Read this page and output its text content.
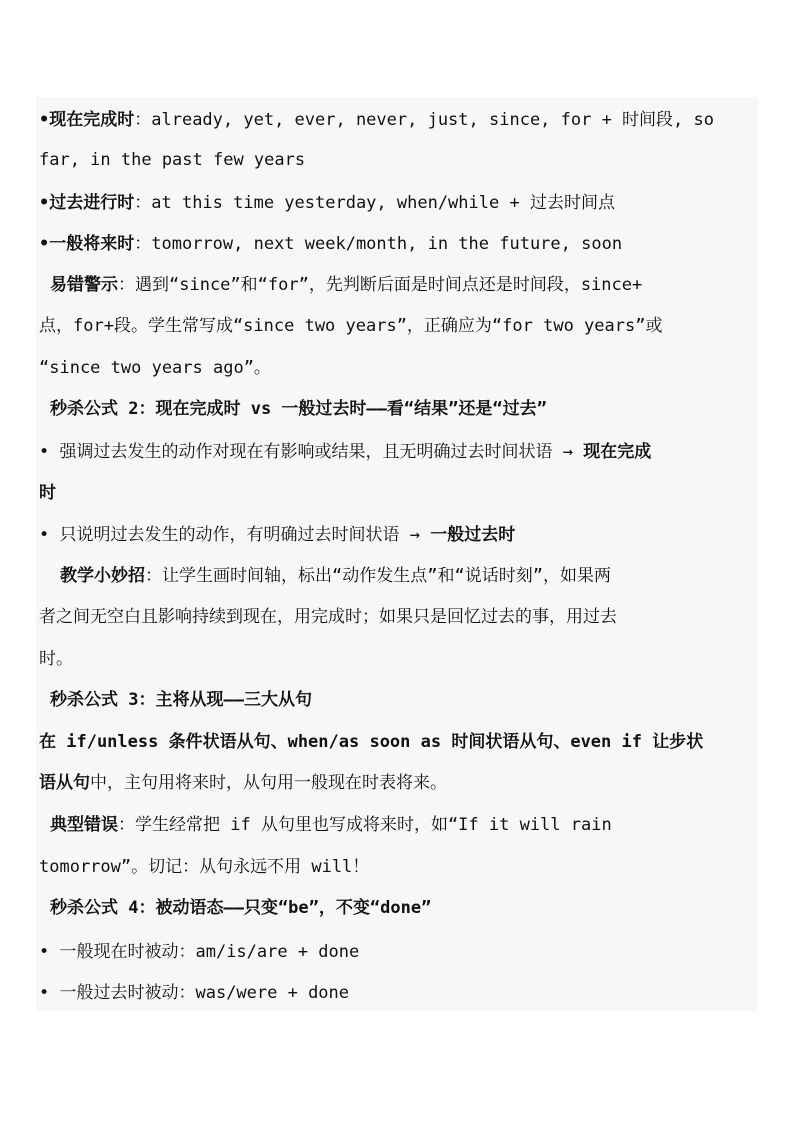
•现在完成时：already, yet, ever, never, just, since, for + 时间段, so
far, in the past few years
•过去进行时：at this time yesterday, when/while + 过去时间点
•一般将来时：tomorrow, next week/month, in the future, soon
易错警示：遇到“since”和“for”，先判断后面是时间点还是时间段，since+
点，for+段。学生常写成“since two years”，正确应为“for two years”或
“since two years ago”。
秒杀公式 2：现在完成时 vs 一般过去时——看“结果”还是“过去”
• 强调过去发生的动作对现在有影响或结果，且无明确过去时间状语 → 现在完成
时
• 只说明过去发生的动作，有明确过去时间状语 → 一般过去时
教学小妙招：让学生画时间轴，标出“动作发生点”和“说话时刻”，如果两
者之间无空白且影响持续到现在，用完成时；如果只是回忆过去的事，用过去
时。
秒杀公式 3：主将从现——三大从句
在 if/unless 条件状语从句、when/as soon as 时间状语从句、even if 让步状
语从句中，主句用将来时，从句用一般现在时表将来。
典型错误：学生经常把 if 从句里也写成将来时，如“If it will rain
tomorrow”。切记：从句永远不用 will！
秒杀公式 4：被动语态——只变“be”，不变“done”
• 一般现在时被动：am/is/are + done
• 一般过去时被动：was/were + done
